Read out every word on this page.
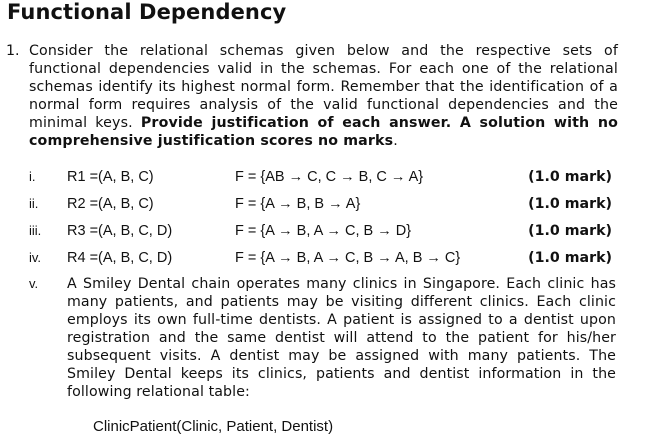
Functional Dependency
1. Consider the relational schemas given below and the respective sets of functional dependencies valid in the schemas. For each one of the relational schemas identify its highest normal form. Remember that the identification of a normal form requires analysis of the valid functional dependencies and the minimal keys. Provide justification of each answer. A solution with no comprehensive justification scores no marks.
i. R1 =(A, B, C)	F = {AB → C, C → B, C → A}	(1.0 mark)
ii. R2 =(A, B, C)	F = {A → B, B → A}	(1.0 mark)
iii. R3 =(A, B, C, D)	F = {A → B, A → C, B → D}	(1.0 mark)
iv. R4 =(A, B, C, D)	F = {A → B, A → C, B → A, B → C}	(1.0 mark)
v. A Smiley Dental chain operates many clinics in Singapore. Each clinic has many patients, and patients may be visiting different clinics. Each clinic employs its own full-time dentists. A patient is assigned to a dentist upon registration and the same dentist will attend to the patient for his/her subsequent visits. A dentist may be assigned with many patients. The Smiley Dental keeps its clinics, patients and dentist information in the following relational table:
ClinicPatient(Clinic, Patient, Dentist)
